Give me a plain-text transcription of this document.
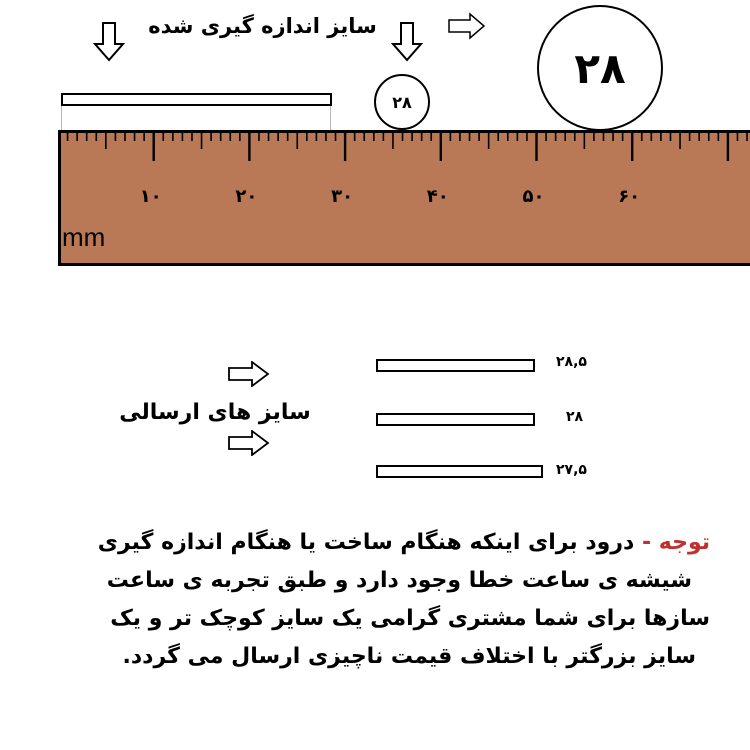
سایز اندازه گیری شده
۲۸
۲۸
mm
۱۰	۲۰	۳۰	۴۰	۵۰	۶۰
سایز های ارسالی
۲۸,۵
۲۸
۲۷,۵
توجه - درود برای اینکه هنگام ساخت یا هنگام اندازه گیری
شیشه ی ساعت خطا وجود دارد و طبق تجربه ی ساعت
سازها برای شما مشتری گرامی یک سایز کوچک تر و یک
سایز بزرگتر با اختلاف قیمت ناچیزی ارسال می گردد.
